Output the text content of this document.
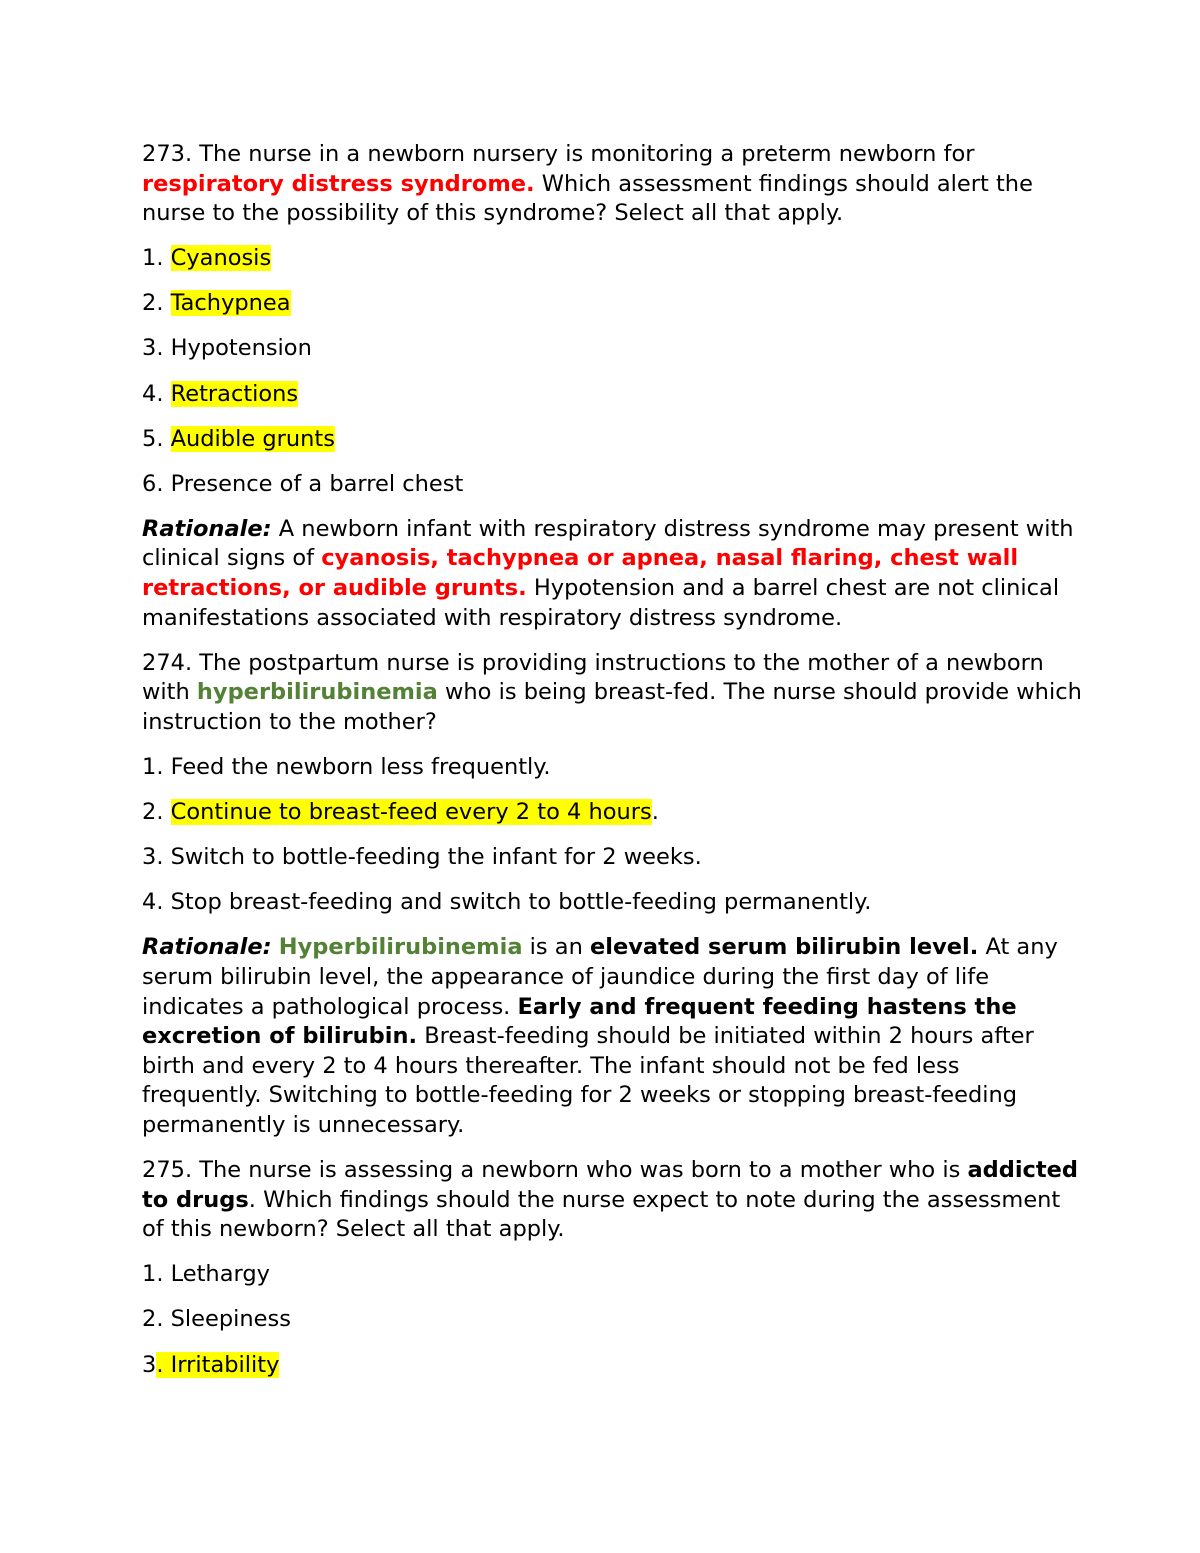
273. The nurse in a newborn nursery is monitoring a preterm newborn for respiratory distress syndrome. Which assessment findings should alert the nurse to the possibility of this syndrome? Select all that apply.

1. Cyanosis

2. Tachypnea

3. Hypotension

4. Retractions

5. Audible grunts

6. Presence of a barrel chest

Rationale: A newborn infant with respiratory distress syndrome may present with clinical signs of cyanosis, tachypnea or apnea, nasal flaring, chest wall retractions, or audible grunts. Hypotension and a barrel chest are not clinical manifestations associated with respiratory distress syndrome.

274. The postpartum nurse is providing instructions to the mother of a newborn with hyperbilirubinemia who is being breast-fed. The nurse should provide which instruction to the mother?

1. Feed the newborn less frequently.

2. Continue to breast-feed every 2 to 4 hours.

3. Switch to bottle-feeding the infant for 2 weeks.

4. Stop breast-feeding and switch to bottle-feeding permanently.

Rationale: Hyperbilirubinemia is an elevated serum bilirubin level. At any serum bilirubin level, the appearance of jaundice during the first day of life indicates a pathological process. Early and frequent feeding hastens the excretion of bilirubin. Breast-feeding should be initiated within 2 hours after birth and every 2 to 4 hours thereafter. The infant should not be fed less frequently. Switching to bottle-feeding for 2 weeks or stopping breast-feeding permanently is unnecessary.

275. The nurse is assessing a newborn who was born to a mother who is addicted to drugs. Which findings should the nurse expect to note during the assessment of this newborn? Select all that apply.

1. Lethargy

2. Sleepiness

3. Irritability
